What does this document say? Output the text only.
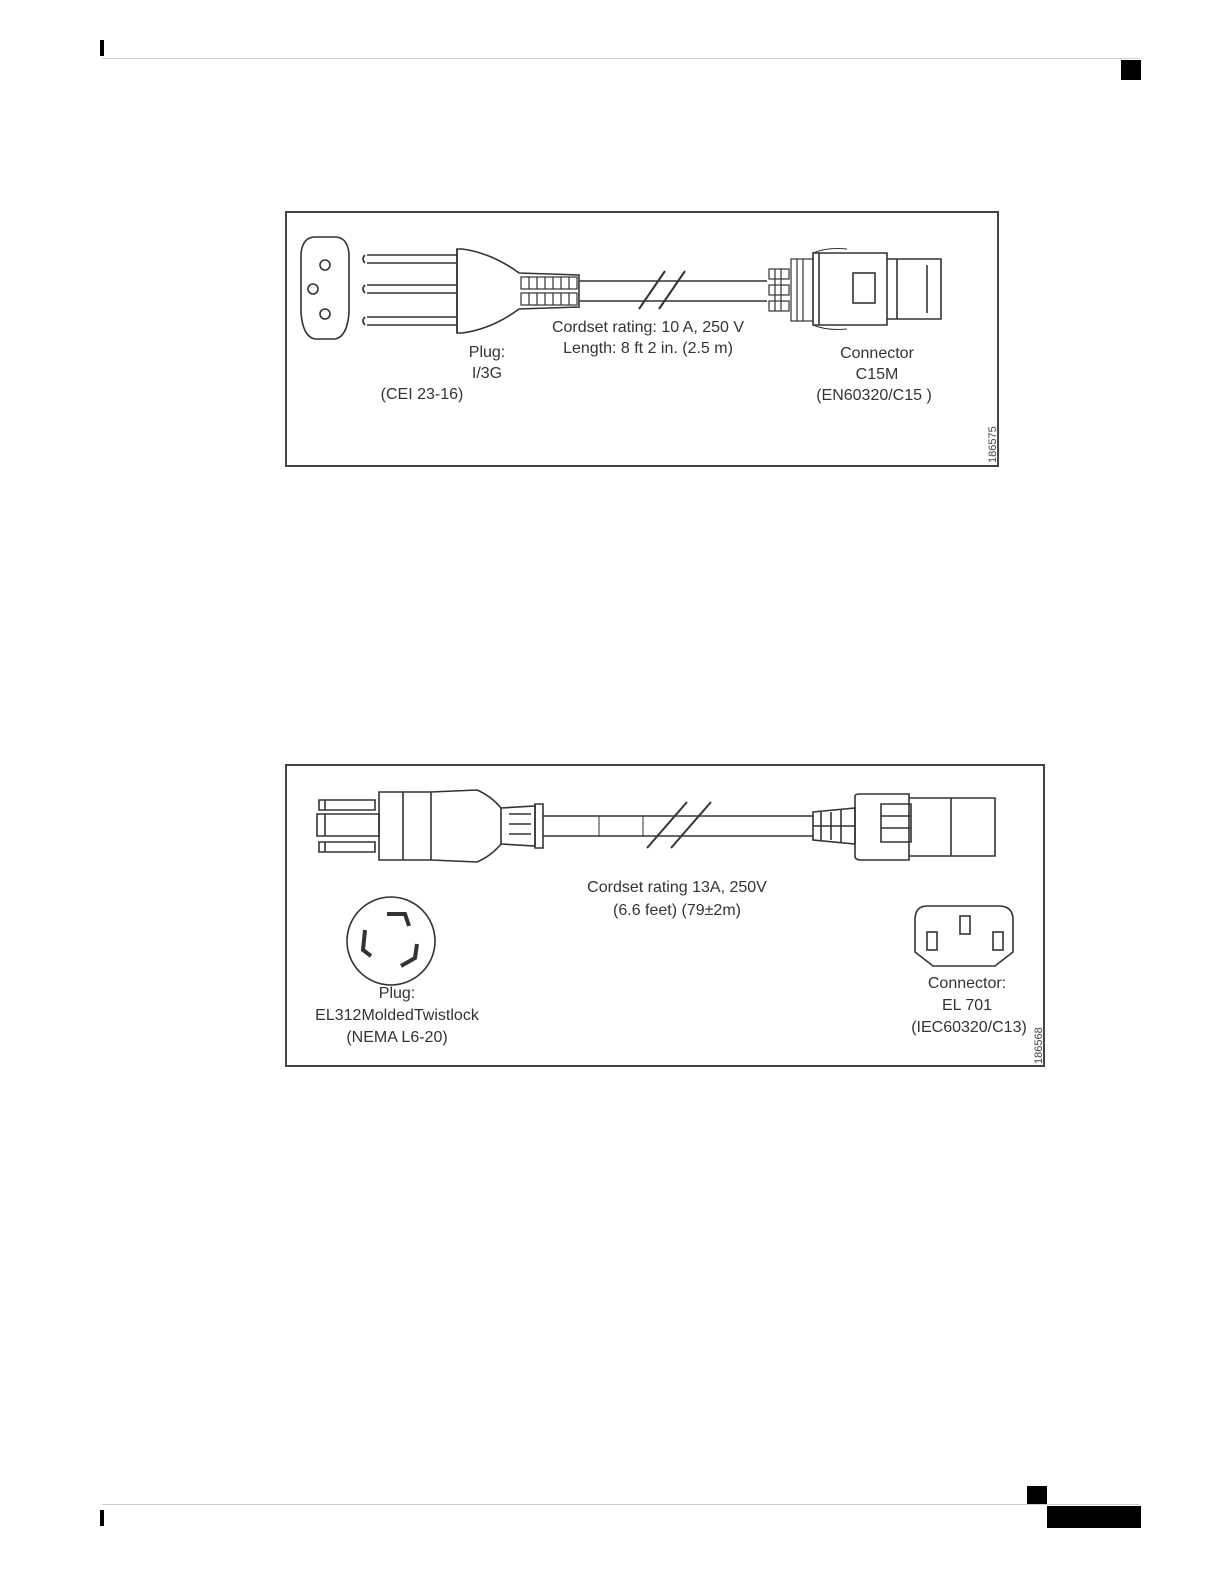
Plug:
I/3G
(CEI 23-16)
Cordset rating: 10 A, 250 V
Length: 8 ft 2 in. (2.5 m)	Connector
C15M
(EN60320/C15 )
186575
Cordset rating 13A, 250V
(6.6 feet) (79±2m)
Plug:
EL312MoldedTwistlock
(NEMA L6-20)
Connector:
EL 701
(IEC60320/C13) 186568
